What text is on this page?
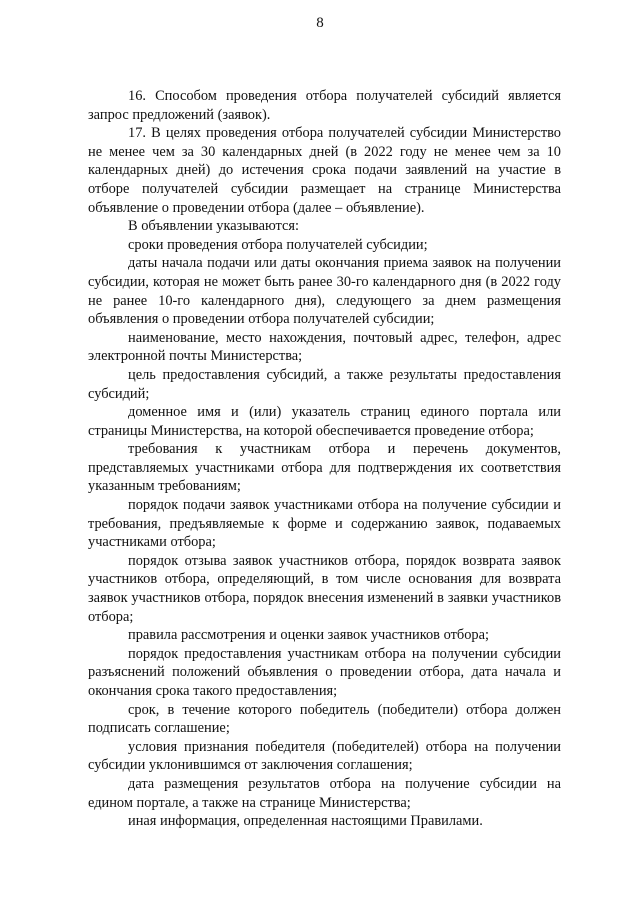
8

16. Способом проведения отбора получателей субсидий является запрос предложений (заявок).

17. В целях проведения отбора получателей субсидии Министерство не менее чем за 30 календарных дней (в 2022 году не менее чем за 10 календарных дней) до истечения срока подачи заявлений на участие в отборе получателей субсидии размещает на странице Министерства объявление о проведении отбора (далее – объявление).

В объявлении указываются:

сроки проведения отбора получателей субсидии;

даты начала подачи или даты окончания приема заявок на получении субсидии, которая не может быть ранее 30-го календарного дня (в 2022 году не ранее 10-го календарного дня), следующего за днем размещения объявления о проведении отбора получателей субсидии;

наименование, место нахождения, почтовый адрес, телефон, адрес электронной почты Министерства;

цель предоставления субсидий, а также результаты предоставления субсидий;

доменное имя и (или) указатель страниц единого портала или страницы Министерства, на которой обеспечивается проведение отбора;

требования к участникам отбора и перечень документов, представляемых участниками отбора для подтверждения их соответствия указанным требованиям;

порядок подачи заявок участниками отбора на получение субсидии и требования, предъявляемые к форме и содержанию заявок, подаваемых участниками отбора;

порядок отзыва заявок участников отбора, порядок возврата заявок участников отбора, определяющий, в том числе основания для возврата заявок участников отбора, порядок внесения изменений в заявки участников отбора;

правила рассмотрения и оценки заявок участников отбора;

порядок предоставления участникам отбора на получении субсидии разъяснений положений объявления о проведении отбора, дата начала и окончания срока такого предоставления;

срок, в течение которого победитель (победители) отбора должен подписать соглашение;

условия признания победителя (победителей) отбора на получении субсидии уклонившимся от заключения соглашения;

дата размещения результатов отбора на получение субсидии на едином портале, а также на странице Министерства;

иная информация, определенная настоящими Правилами.
